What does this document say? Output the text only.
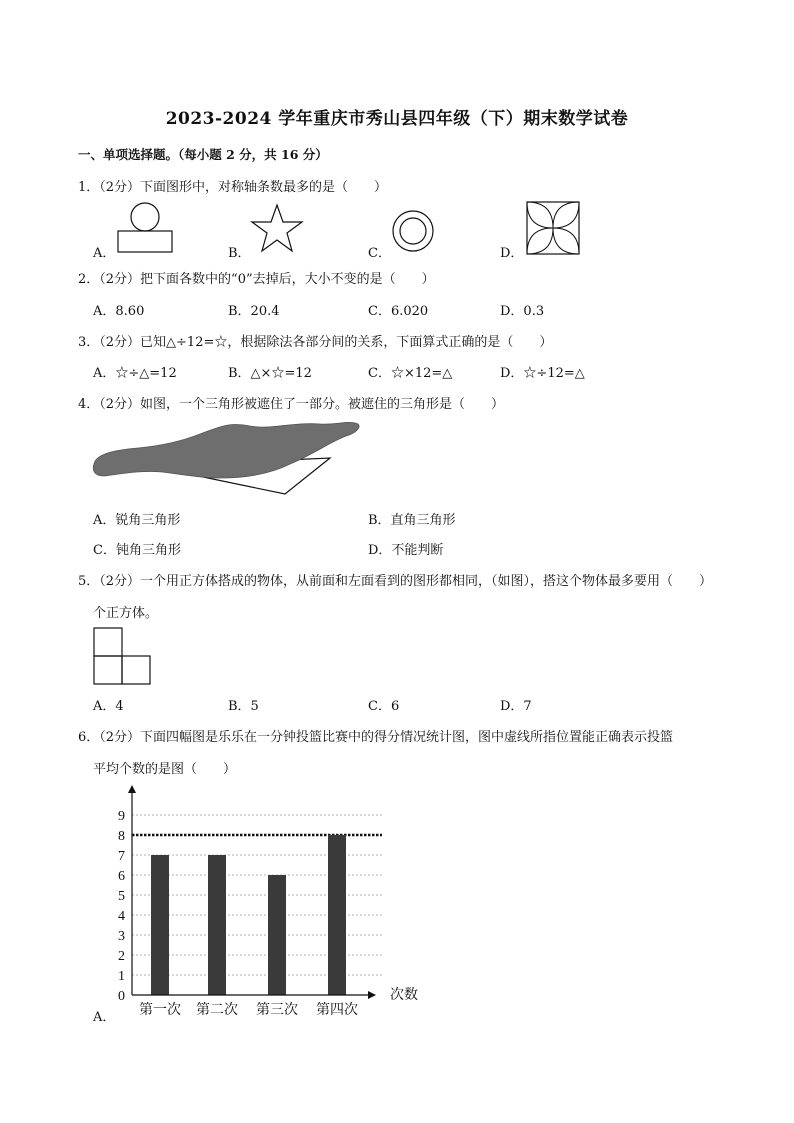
2023-2024 学年重庆市秀山县四年级（下）期末数学试卷
一、单项选择题。（每小题 2 分，共 16 分）
1．（2分）下面图形中，对称轴条数最多的是（　　）
A．	B．	C．	D．
2．（2分）把下面各数中的“0”去掉后，大小不变的是（　　）
A．8.60	B．20.4	C．6.020	D．0.3
3．（2分）已知△÷12=☆，根据除法各部分间的关系，下面算式正确的是（　　）
A．☆÷△=12	B．△×☆=12	C．☆×12=△	D．☆÷12=△
4．（2分）如图，一个三角形被遮住了一部分。被遮住的三角形是（　　）
A．锐角三角形	B．直角三角形
C．钝角三角形	D．不能判断
5．（2分）一个用正方体搭成的物体，从前面和左面看到的图形都相同，（如图），搭这个物体最多要用（　　）
个正方体。
A．4	B．5	C．6	D．7
6．（2分）下面四幅图是乐乐在一分钟投篮比赛中的得分情况统计图，图中虚线所指位置能正确表示投篮
平均个数的是图（　　）
A．
0
1
2
3
4
5
6
7
8
9
第一次 第二次 第三次 第四次
次数
